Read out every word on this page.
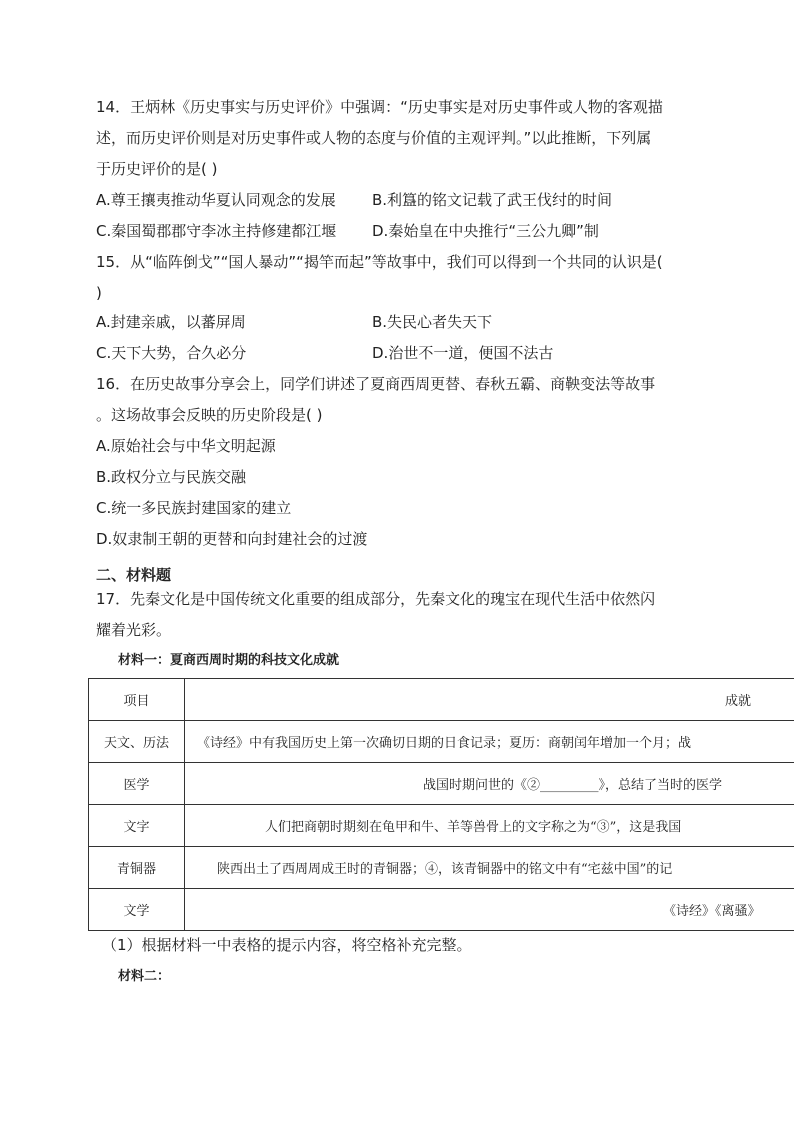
14．王炳林《历史事实与历史评价》中强调：“历史事实是对历史事件或人物的客观描
述，而历史评价则是对历史事件或人物的态度与价值的主观评判。”以此推断，下列属
于历史评价的是( )
A.尊王攘夷推动华夏认同观念的发展 B.利簋的铭文记载了武王伐纣的时间
C.秦国蜀郡郡守李冰主持修建都江堰 D.秦始皇在中央推行“三公九卿”制
15．从“临阵倒戈”“国人暴动”“揭竿而起”等故事中，我们可以得到一个共同的认识是(
)
A.封建亲戚，以蕃屏周	B.失民心者失天下
C.天下大势，合久必分	D.治世不一道，便国不法古
16．在历史故事分享会上，同学们讲述了夏商西周更替、春秋五霸、商鞅变法等故事
。这场故事会反映的历史阶段是( )
A.原始社会与中华文明起源
B.政权分立与民族交融
C.统一多民族封建国家的建立
D.奴隶制王朝的更替和向封建社会的过渡
二、材料题
17．先秦文化是中国传统文化重要的组成部分，先秦文化的瑰宝在现代生活中依然闪
耀着光彩。
材料一：夏商西周时期的科技文化成就
项目	成就
天文、历法	《诗经》中有我国历史上第一次确切日期的日食记录；夏历：商朝闰年增加一个月；战
医学	战国时期问世的《②_________》，总结了当时的医学
文字	人们把商朝时期刻在龟甲和牛、羊等兽骨上的文字称之为“③”，这是我国
青铜器	陕西出土了西周周成王时的青铜器；④，该青铜器中的铭文中有“宅兹中国”的记
文学	《诗经》《离骚》
（1）根据材料一中表格的提示内容，将空格补充完整。
材料二：
